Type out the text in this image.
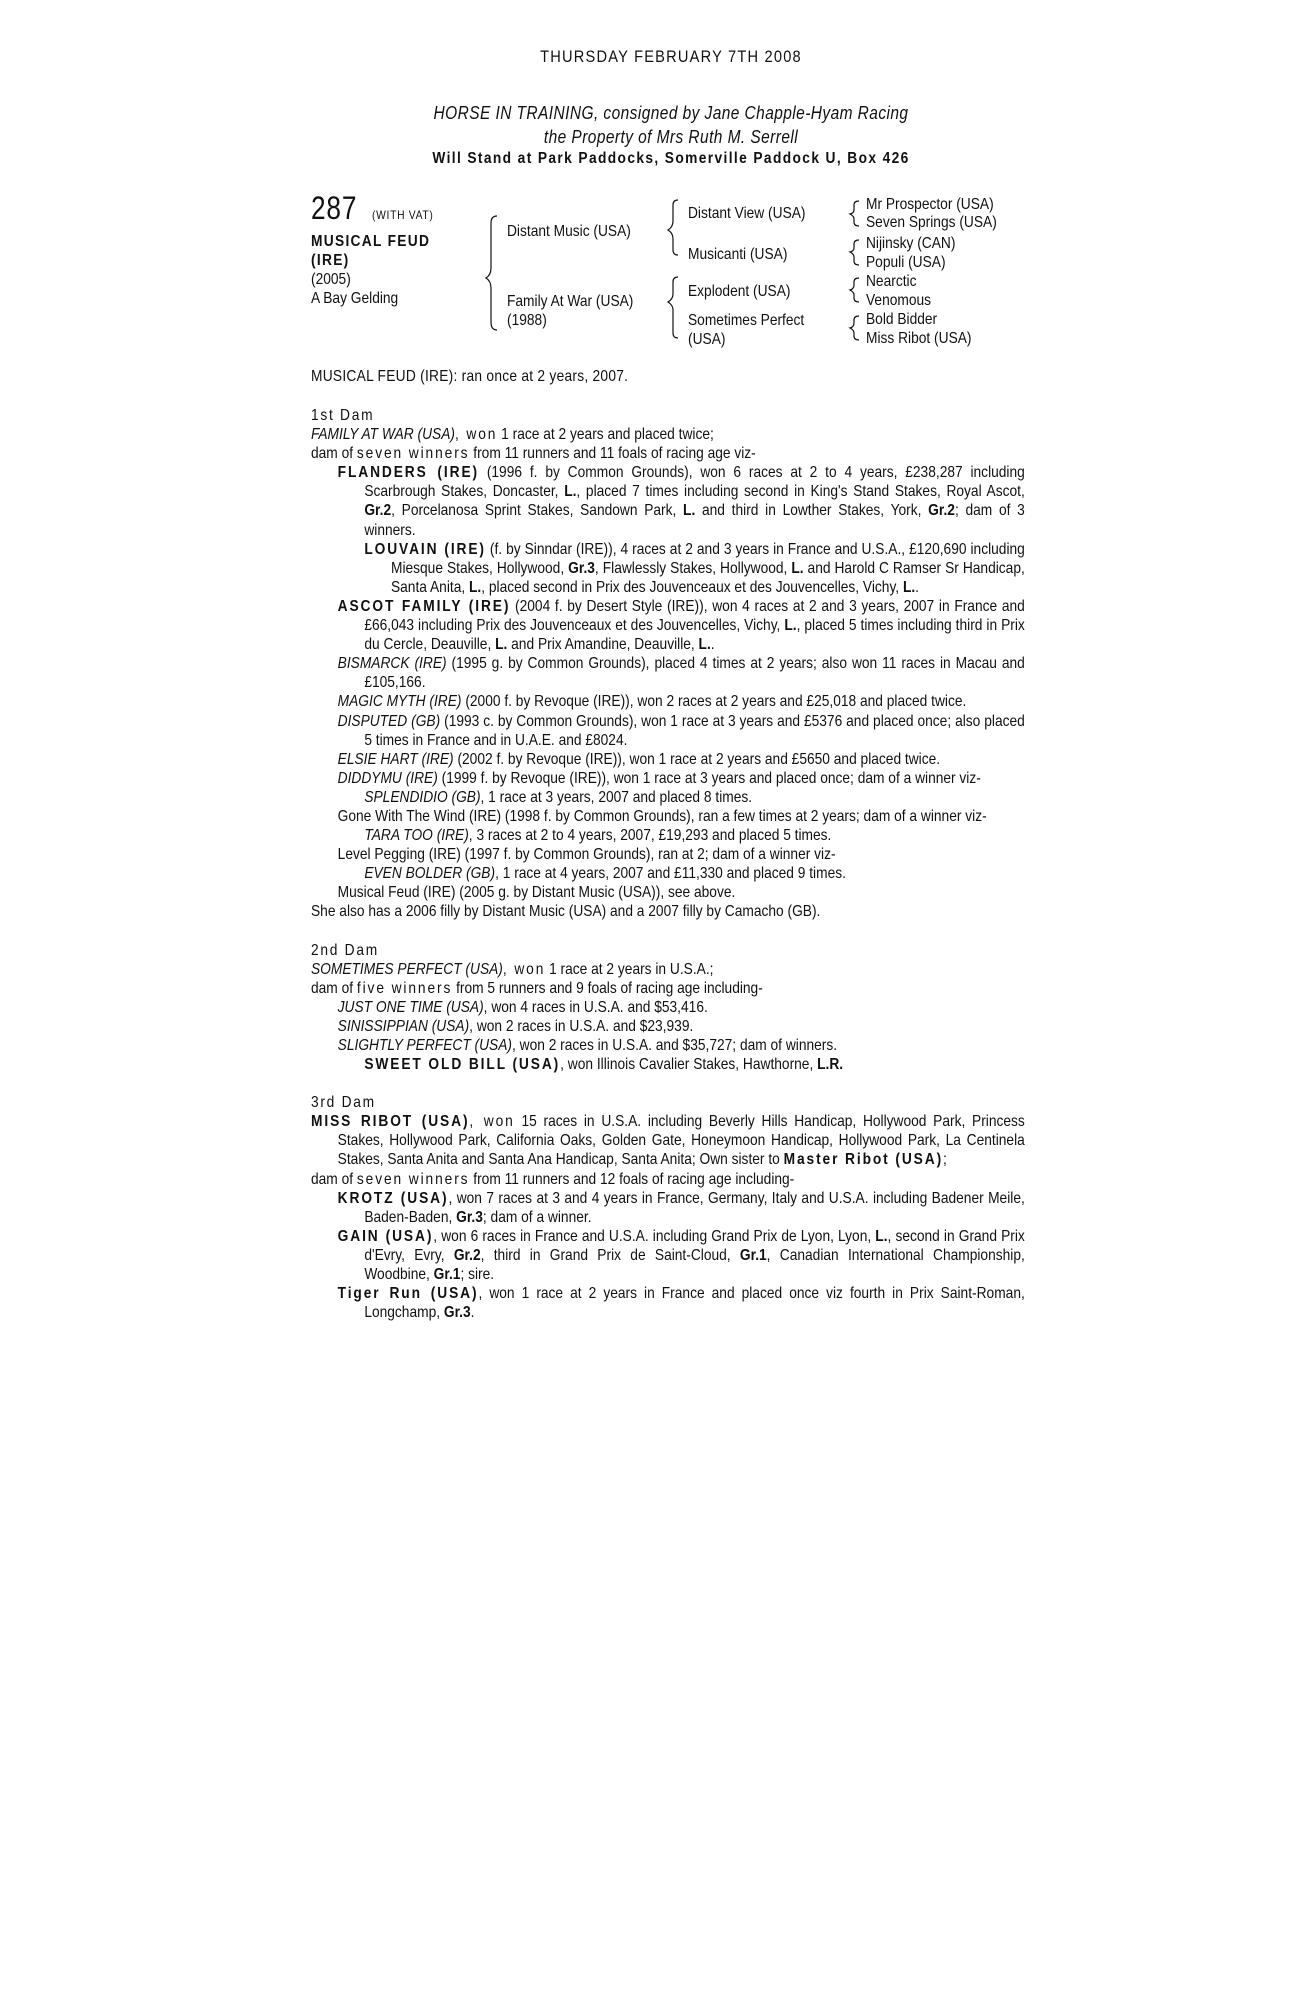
THURSDAY FEBRUARY 7TH 2008
HORSE IN TRAINING, consigned by Jane Chapple-Hyam Racing
the Property of Mrs Ruth M. Serrell
Will Stand at Park Paddocks, Somerville Paddock U, Box 426
287 (WITH VAT)
MUSICAL FEUD
(IRE)
(2005)
A Bay Gelding
Distant Music (USA)
Family At War (USA)
(1988)
Distant View (USA)
Musicanti (USA)
Explodent (USA)
Sometimes Perfect
(USA)
Mr Prospector (USA)
Seven Springs (USA)
Nijinsky (CAN)
Populi (USA)
Nearctic
Venomous
Bold Bidder
Miss Ribot (USA)
MUSICAL FEUD (IRE): ran once at 2 years, 2007.

1st Dam

FAMILY AT WAR (USA), won 1 race at 2 years and placed twice;

dam of seven winners from 11 runners and 11 foals of racing age viz-

FLANDERS (IRE) (1996 f. by Common Grounds), won 6 races at 2 to 4 years, £238,287 including Scarbrough Stakes, Doncaster, L., placed 7 times including second in King's Stand Stakes, Royal Ascot, Gr.2, Porcelanosa Sprint Stakes, Sandown Park, L. and third in Lowther Stakes, York, Gr.2; dam of 3 winners.

LOUVAIN (IRE) (f. by Sinndar (IRE)), 4 races at 2 and 3 years in France and U.S.A., £120,690 including Miesque Stakes, Hollywood, Gr.3, Flawlessly Stakes, Hollywood, L. and Harold C Ramser Sr Handicap, Santa Anita, L., placed second in Prix des Jouvenceaux et des Jouvencelles, Vichy, L..

ASCOT FAMILY (IRE) (2004 f. by Desert Style (IRE)), won 4 races at 2 and 3 years, 2007 in France and £66,043 including Prix des Jouvenceaux et des Jouvencelles, Vichy, L., placed 5 times including third in Prix du Cercle, Deauville, L. and Prix Amandine, Deauville, L..

BISMARCK (IRE) (1995 g. by Common Grounds), placed 4 times at 2 years; also won 11 races in Macau and £105,166.

MAGIC MYTH (IRE) (2000 f. by Revoque (IRE)), won 2 races at 2 years and £25,018 and placed twice.

DISPUTED (GB) (1993 c. by Common Grounds), won 1 race at 3 years and £5376 and placed once; also placed 5 times in France and in U.A.E. and £8024.

ELSIE HART (IRE) (2002 f. by Revoque (IRE)), won 1 race at 2 years and £5650 and placed twice.

DIDDYMU (IRE) (1999 f. by Revoque (IRE)), won 1 race at 3 years and placed once; dam of a winner viz-

SPLENDIDIO (GB), 1 race at 3 years, 2007 and placed 8 times.

Gone With The Wind (IRE) (1998 f. by Common Grounds), ran a few times at 2 years; dam of a winner viz-

TARA TOO (IRE), 3 races at 2 to 4 years, 2007, £19,293 and placed 5 times.

Level Pegging (IRE) (1997 f. by Common Grounds), ran at 2; dam of a winner viz-

EVEN BOLDER (GB), 1 race at 4 years, 2007 and £11,330 and placed 9 times.

Musical Feud (IRE) (2005 g. by Distant Music (USA)), see above.

She also has a 2006 filly by Distant Music (USA) and a 2007 filly by Camacho (GB).

2nd Dam

SOMETIMES PERFECT (USA), won 1 race at 2 years in U.S.A.;

dam of five winners from 5 runners and 9 foals of racing age including-

JUST ONE TIME (USA), won 4 races in U.S.A. and $53,416.

SINISSIPPIAN (USA), won 2 races in U.S.A. and $23,939.

SLIGHTLY PERFECT (USA), won 2 races in U.S.A. and $35,727; dam of winners.

SWEET OLD BILL (USA), won Illinois Cavalier Stakes, Hawthorne, L.R.

3rd Dam

MISS RIBOT (USA), won 15 races in U.S.A. including Beverly Hills Handicap, Hollywood Park, Princess Stakes, Hollywood Park, California Oaks, Golden Gate, Honeymoon Handicap, Hollywood Park, La Centinela Stakes, Santa Anita and Santa Ana Handicap, Santa Anita; Own sister to Master Ribot (USA);

dam of seven winners from 11 runners and 12 foals of racing age including-

KROTZ (USA), won 7 races at 3 and 4 years in France, Germany, Italy and U.S.A. including Badener Meile, Baden-Baden, Gr.3; dam of a winner.

GAIN (USA), won 6 races in France and U.S.A. including Grand Prix de Lyon, Lyon, L., second in Grand Prix d'Evry, Evry, Gr.2, third in Grand Prix de Saint-Cloud, Gr.1, Canadian International Championship, Woodbine, Gr.1; sire.

Tiger Run (USA), won 1 race at 2 years in France and placed once viz fourth in Prix Saint-Roman, Longchamp, Gr.3.
